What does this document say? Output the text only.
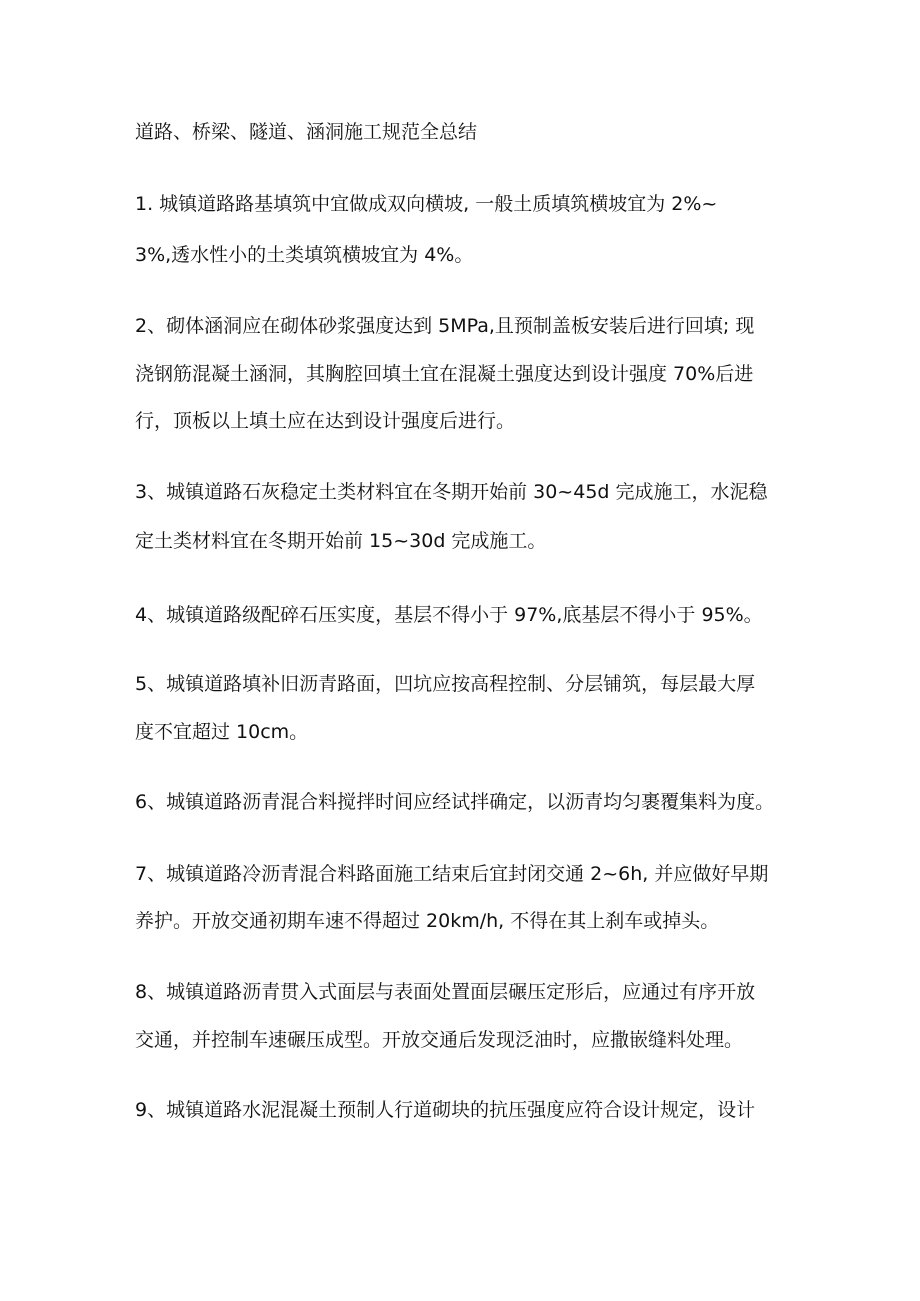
道路、桥梁、隧道、涵洞施工规范全总结
1. 城镇道路路基填筑中宜做成双向横坡, 一般土质填筑横坡宜为 2%~
3%,透水性小的土类填筑横坡宜为 4%。
2、砌体涵洞应在砌体砂浆强度达到 5MPa,且预制盖板安装后进行回填; 现
浇钢筋混凝土涵洞，其胸腔回填土宜在混凝土强度达到设计强度 70%后进
行，顶板以上填土应在达到设计强度后进行。
3、城镇道路石灰稳定土类材料宜在冬期开始前 30~45d 完成施工，水泥稳
定土类材料宜在冬期开始前 15~30d 完成施工。
4、城镇道路级配碎石压实度，基层不得小于 97%,底基层不得小于 95%。
5、城镇道路填补旧沥青路面，凹坑应按高程控制、分层铺筑，每层最大厚
度不宜超过 10cm。
6、城镇道路沥青混合料搅拌时间应经试拌确定，以沥青均匀裹覆集料为度。
7、城镇道路冷沥青混合料路面施工结束后宜封闭交通 2~6h, 并应做好早期
养护。开放交通初期车速不得超过 20km/h, 不得在其上刹车或掉头。
8、城镇道路沥青贯入式面层与表面处置面层碾压定形后，应通过有序开放
交通，并控制车速碾压成型。开放交通后发现泛油时，应撒嵌缝料处理。
9、城镇道路水泥混凝土预制人行道砌块的抗压强度应符合设计规定，设计
